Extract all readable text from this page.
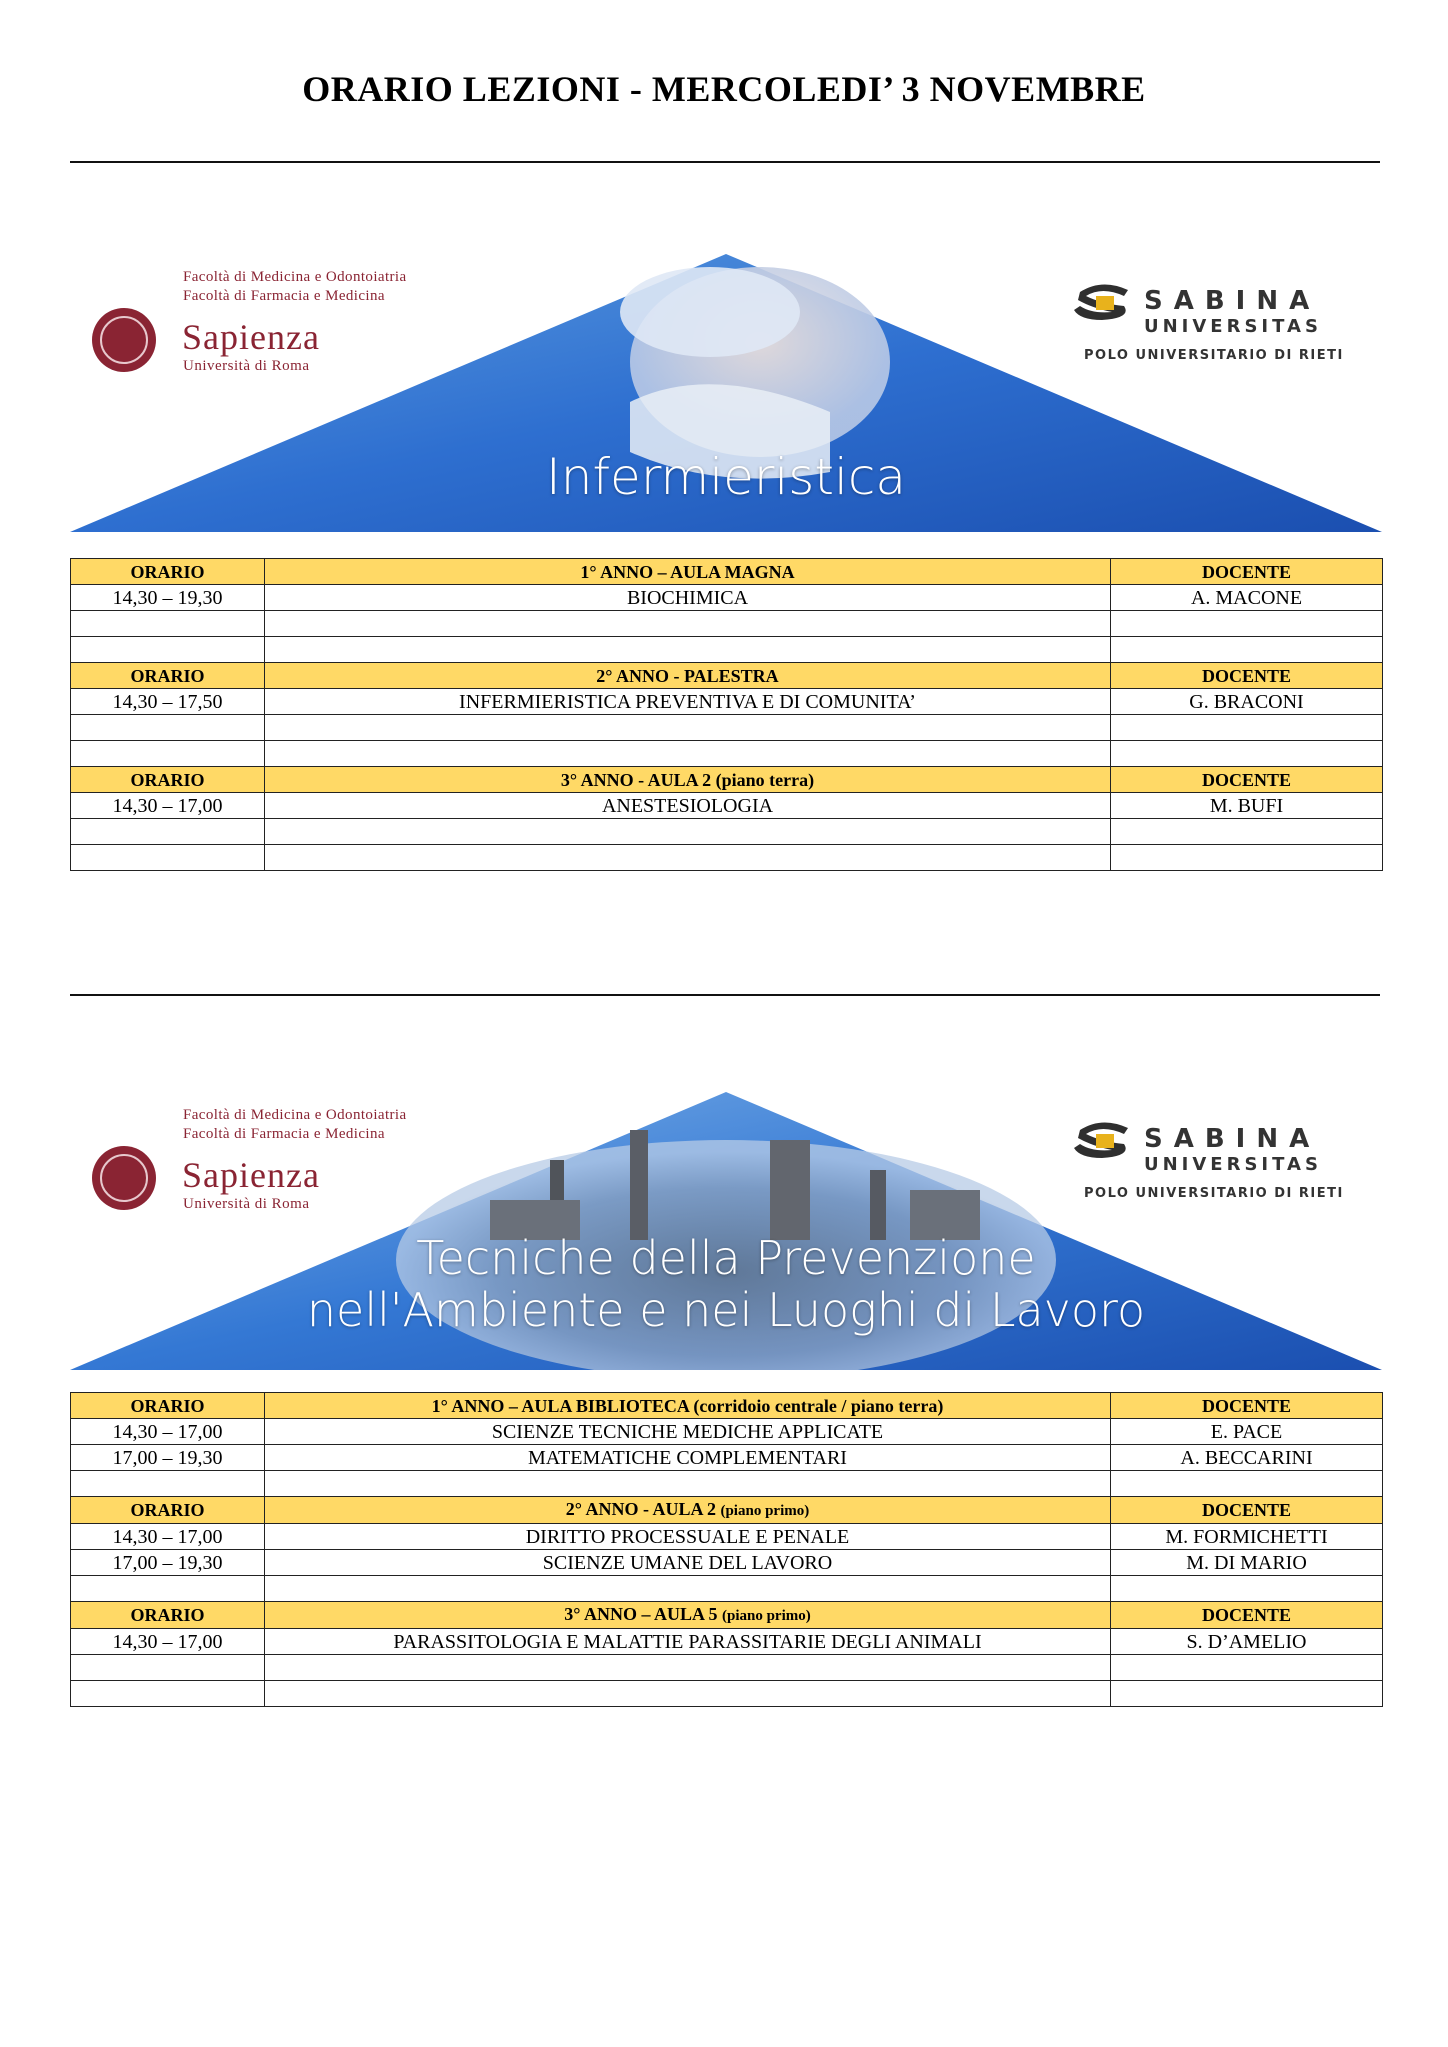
ORARIO LEZIONI - MERCOLEDI’ 3 NOVEMBRE
Facoltà di Medicina e Odontoiatria
Facoltà di Farmacia e Medicina
Sapienza
Università di Roma
SABINA
UNIVERSITAS
POLO UNIVERSITARIO DI RIETI
Infermieristica
ORARIO	1° ANNO – AULA MAGNA	DOCENTE
14,30 – 19,30	BIOCHIMICA	A. MACONE

ORARIO	2° ANNO - PALESTRA	DOCENTE
14,30 – 17,50	INFERMIERISTICA PREVENTIVA E DI COMUNITA’	G. BRACONI

ORARIO	3° ANNO - AULA 2 (piano terra)	DOCENTE
14,30 – 17,00	ANESTESIOLOGIA	M. BUFI

Facoltà di Medicina e Odontoiatria
Facoltà di Farmacia e Medicina
Sapienza
Università di Roma
SABINA
UNIVERSITAS
POLO UNIVERSITARIO DI RIETI
Tecniche della Prevenzione
nell'Ambiente e nei Luoghi di Lavoro
ORARIO	1° ANNO – AULA BIBLIOTECA (corridoio centrale / piano terra)	DOCENTE
14,30 – 17,00	SCIENZE TECNICHE MEDICHE APPLICATE	E. PACE
17,00 – 19,30	MATEMATICHE COMPLEMENTARI	A. BECCARINI

ORARIO	2° ANNO - AULA 2 (piano primo)	DOCENTE
14,30 – 17,00	DIRITTO PROCESSUALE E PENALE	M. FORMICHETTI
17,00 – 19,30	SCIENZE UMANE DEL LAVORO	M. DI MARIO

ORARIO	3° ANNO – AULA 5 (piano primo)	DOCENTE
14,30 – 17,00	PARASSITOLOGIA E MALATTIE PARASSITARIE DEGLI ANIMALI	S. D’AMELIO
